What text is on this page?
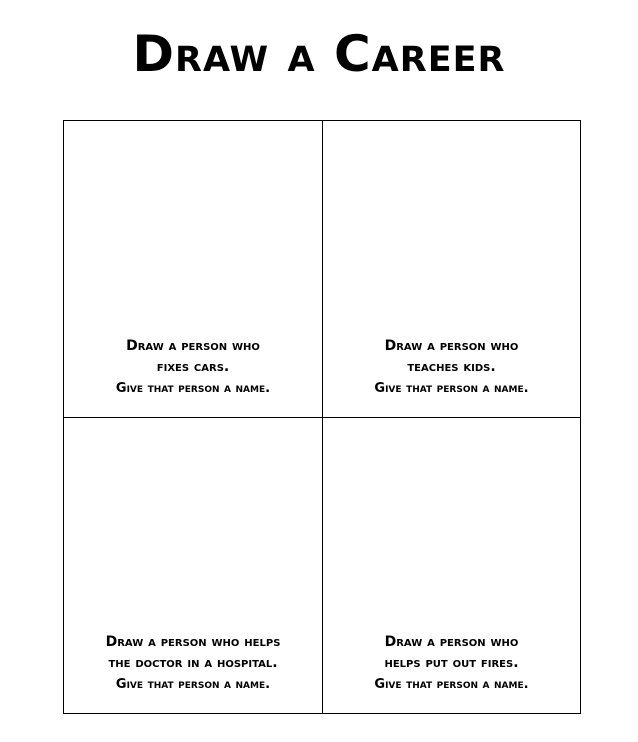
Draw a Career
Draw a person who
fixes cars.
Give that person a name.
Draw a person who
teaches kids.
Give that person a name.
Draw a person who helps
the doctor in a hospital.
Give that person a name.
Draw a person who
helps put out fires.
Give that person a name.
